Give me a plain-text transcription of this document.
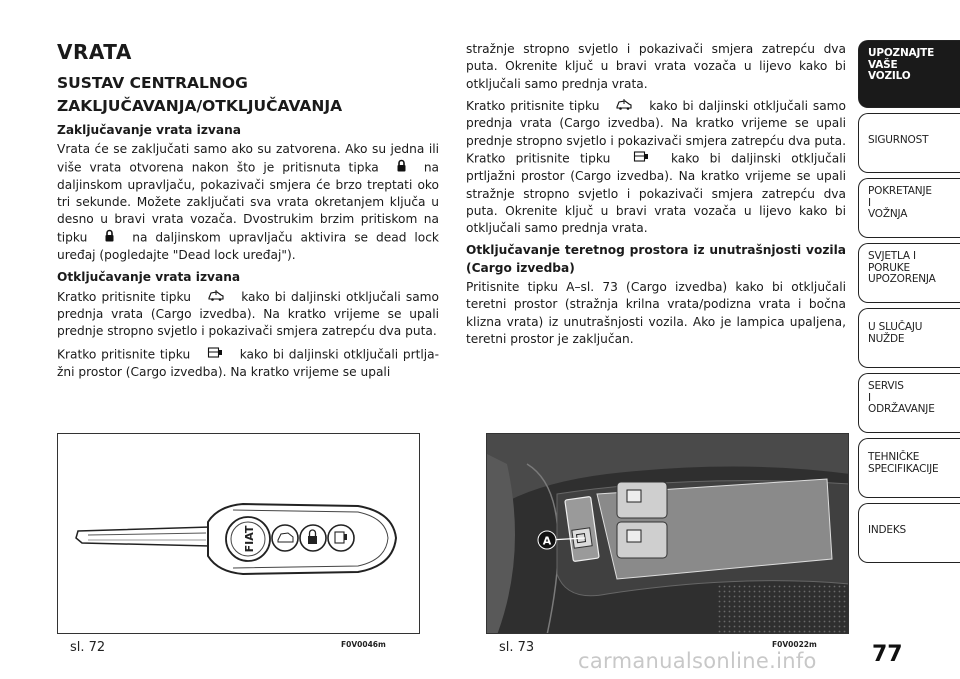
VRATA
SUSTAV CENTRALNOG
ZAKLJUČAVANJA/OTKLJUČAVANJA
Zaključavanje vrata izvana
Vrata će se zaključati samo ako su zatvorena. Ako su jedna ili više vrata otvorena nakon što je pritisnuta tipka	na daljinskom upravljaču, pokazivači smjera će brzo treptati oko tri sekunde. Možete zaključati sva vrata okretanjem ključa u desno u bravi vrata vozača. Dvostrukim brzim pritiskom na tipku	na daljinskom upravljaču aktivira se dead lock uređaj (pogledajte "Dead lock uređaj").
Otključavanje vrata izvana
Kratko pritisnite tipku	kako bi daljinski otključali samo prednja vrata (Cargo izvedba). Na kratko vrijeme se upali prednje stropno svjetlo i pokazivači smjera zatrepću dva puta.
Kratko pritisnite tipku	kako bi daljinski otključali prtlja-žni prostor (Cargo izvedba). Na kratko vrijeme se upali
stražnje stropno svjetlo i pokazivači smjera zatrepću dva puta. Okrenite ključ u bravi vrata vozača u lijevo kako bi otključali samo prednja vrata.
Kratko pritisnite tipku	kako bi daljinski otključali samo prednja vrata (Cargo izvedba). Na kratko vrijeme se upali prednje stropno svjetlo i pokazivači smjera zatrepću dva puta. Kratko pritisnite tipku	kako bi daljinski otključali prtljažni prostor (Cargo izvedba). Na kratko vrijeme se upali stražnje stropno svjetlo i pokazivači smjera zatrepću dva puta. Okrenite ključ u bravi vrata vozača u lijevo kako bi otključali samo prednja vrata.
Otključavanje teretnog prostora iz unutrašnjosti vozila (Cargo izvedba)
Pritisnite tipku A–sl. 73 (Cargo izvedba) kako bi otključali teretni prostor (stražnja krilna vrata/podizna vrata i bočna klizna vrata) iz unutrašnjosti vozila. Ako je lampica upaljena, teretni prostor je zaključan.
FIAT
sl. 72	F0V0046m
A
sl. 73	F0V0022m
UPOZNAJTE
VAŠE
VOZILO
SIGURNOST
POKRETANJE
I
VOŽNJA
SVJETLA I
PORUKE
UPOZORENJA
U SLUČAJU
NUŽDE
SERVIS
I
ODRŽAVANJE
TEHNIČKE
SPECIFIKACIJE
INDEKS
77
carmanualsonline.info
